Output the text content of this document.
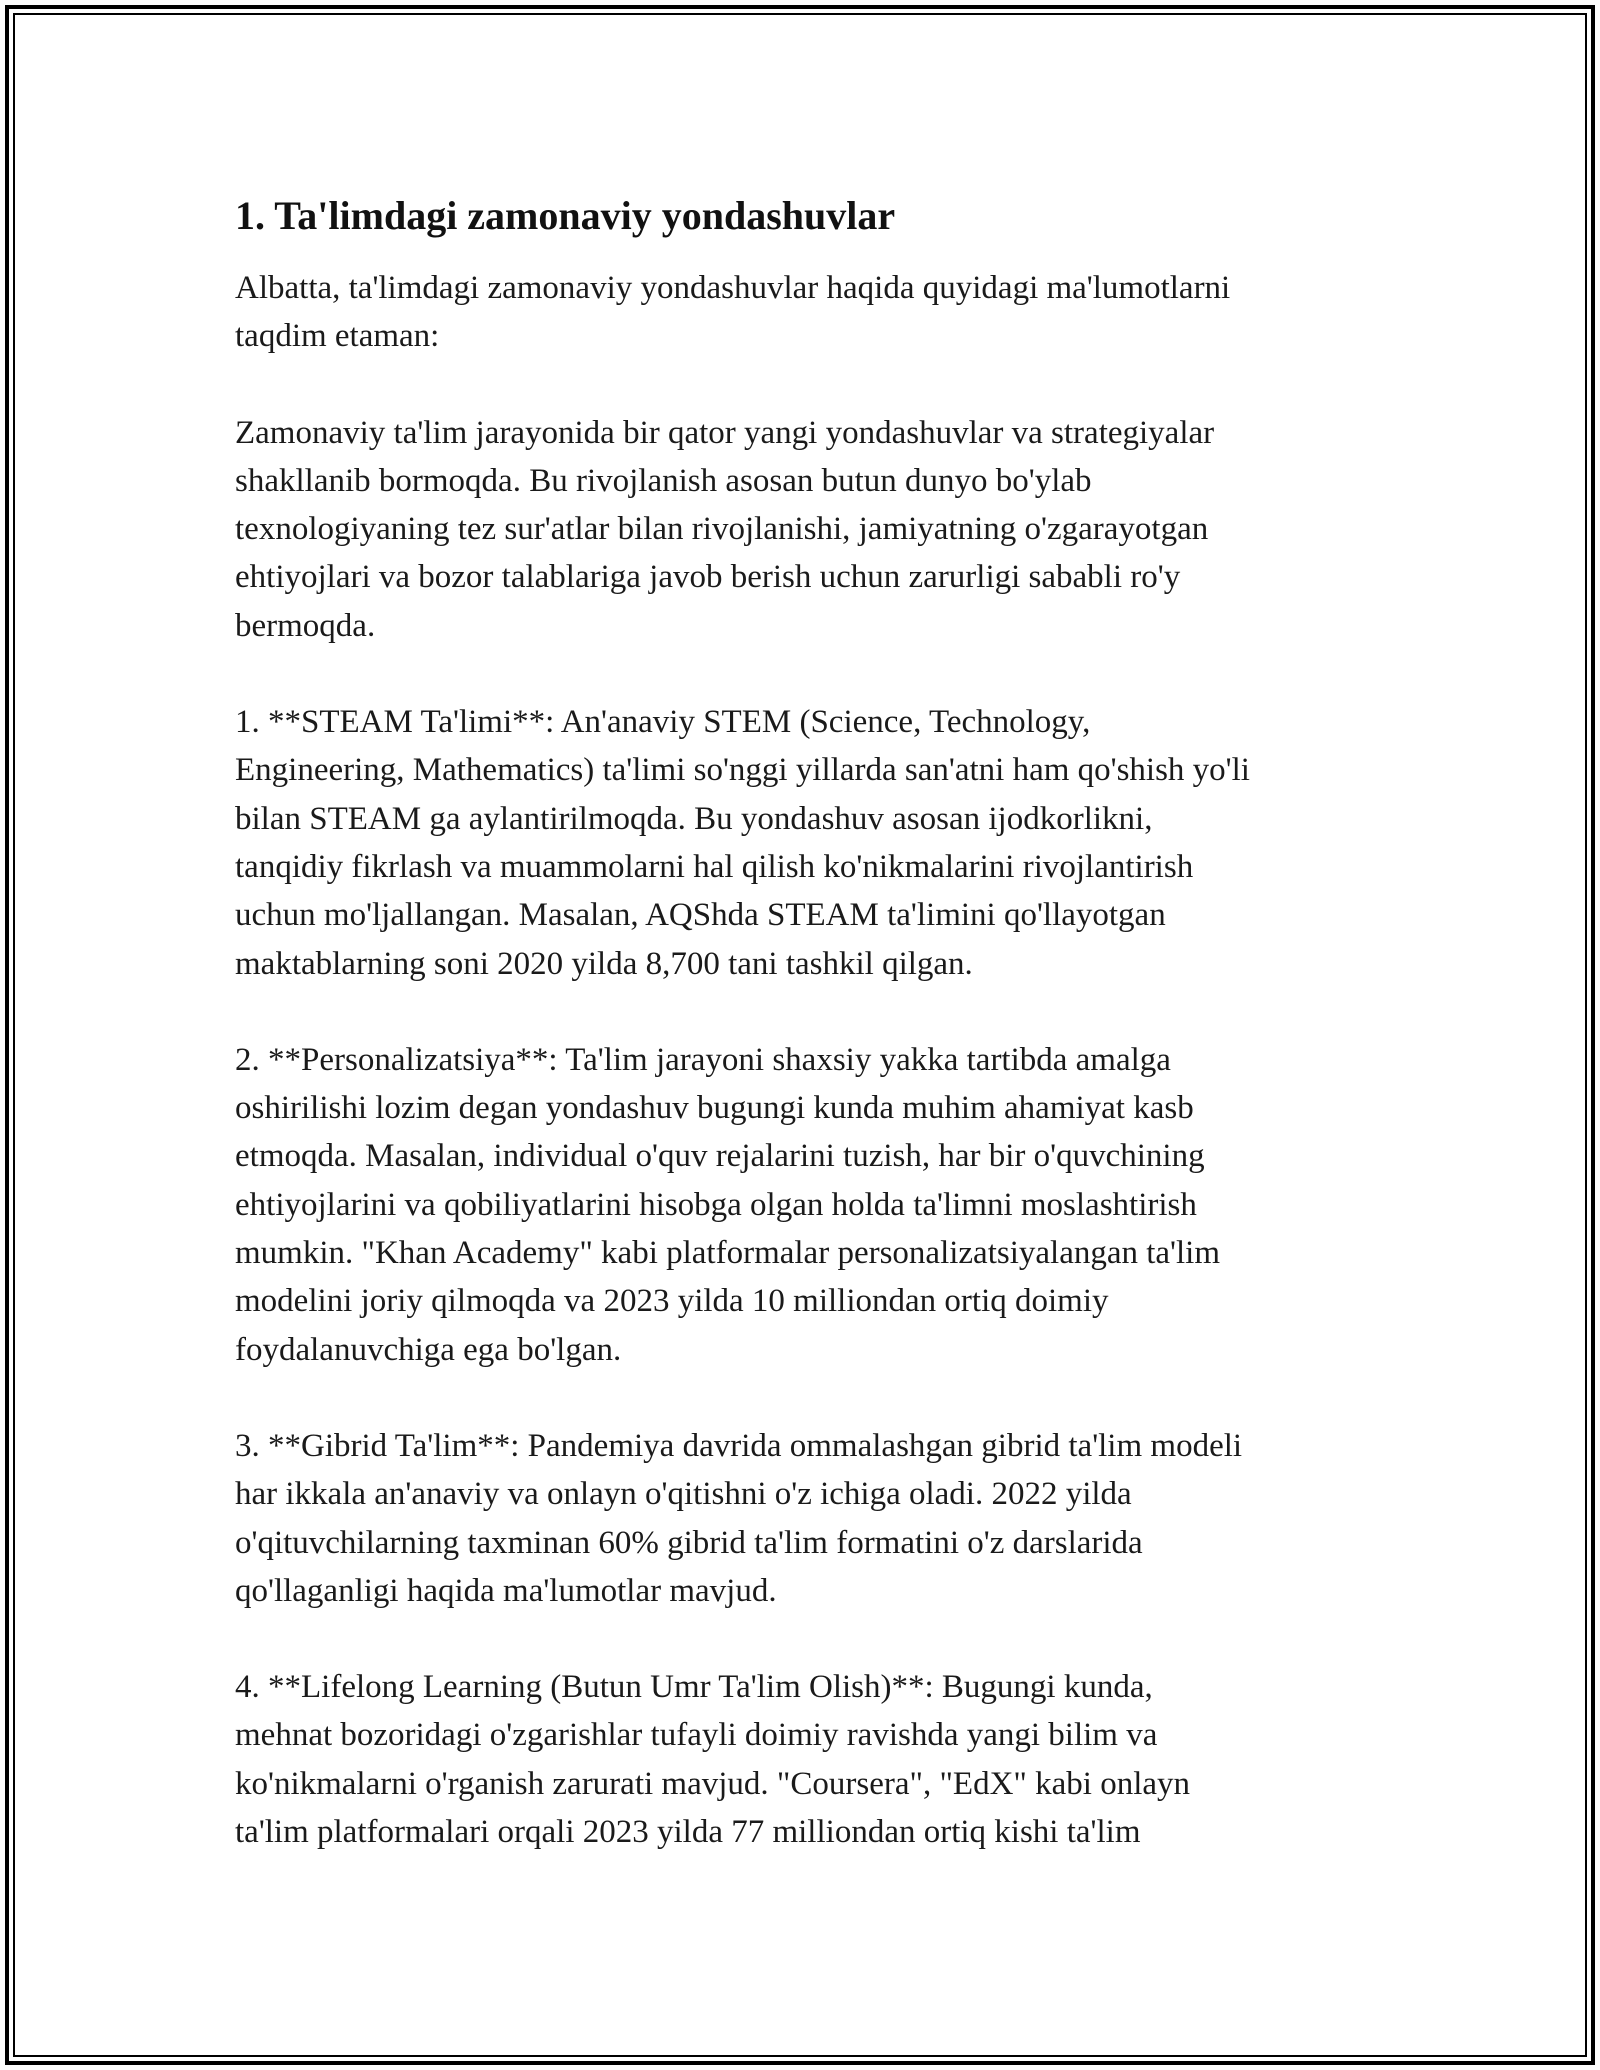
1. Ta'limdagi zamonaviy yondashuvlar

Albatta, ta'limdagi zamonaviy yondashuvlar haqida quyidagi ma'lumotlarni
taqdim etaman:

Zamonaviy ta'lim jarayonida bir qator yangi yondashuvlar va strategiyalar
shakllanib bormoqda. Bu rivojlanish asosan butun dunyo bo'ylab
texnologiyaning tez sur'atlar bilan rivojlanishi, jamiyatning o'zgarayotgan
ehtiyojlari va bozor talablariga javob berish uchun zarurligi sababli ro'y
bermoqda.

1. **STEAM Ta'limi**: An'anaviy STEM (Science, Technology,
Engineering, Mathematics) ta'limi so'nggi yillarda san'atni ham qo'shish yo'li
bilan STEAM ga aylantirilmoqda. Bu yondashuv asosan ijodkorlikni,
tanqidiy fikrlash va muammolarni hal qilish ko'nikmalarini rivojlantirish
uchun mo'ljallangan. Masalan, AQShda STEAM ta'limini qo'llayotgan
maktablarning soni 2020 yilda 8,700 tani tashkil qilgan.

2. **Personalizatsiya**: Ta'lim jarayoni shaxsiy yakka tartibda amalga
oshirilishi lozim degan yondashuv bugungi kunda muhim ahamiyat kasb
etmoqda. Masalan, individual o'quv rejalarini tuzish, har bir o'quvchining
ehtiyojlarini va qobiliyatlarini hisobga olgan holda ta'limni moslashtirish
mumkin. "Khan Academy" kabi platformalar personalizatsiyalangan ta'lim
modelini joriy qilmoqda va 2023 yilda 10 milliondan ortiq doimiy
foydalanuvchiga ega bo'lgan.

3. **Gibrid Ta'lim**: Pandemiya davrida ommalashgan gibrid ta'lim modeli
har ikkala an'anaviy va onlayn o'qitishni o'z ichiga oladi. 2022 yilda
o'qituvchilarning taxminan 60% gibrid ta'lim formatini o'z darslarida
qo'llaganligi haqida ma'lumotlar mavjud.

4. **Lifelong Learning (Butun Umr Ta'lim Olish)**: Bugungi kunda,
mehnat bozoridagi o'zgarishlar tufayli doimiy ravishda yangi bilim va
ko'nikmalarni o'rganish zarurati mavjud. "Coursera", "EdX" kabi onlayn
ta'lim platformalari orqali 2023 yilda 77 milliondan ortiq kishi ta'lim
